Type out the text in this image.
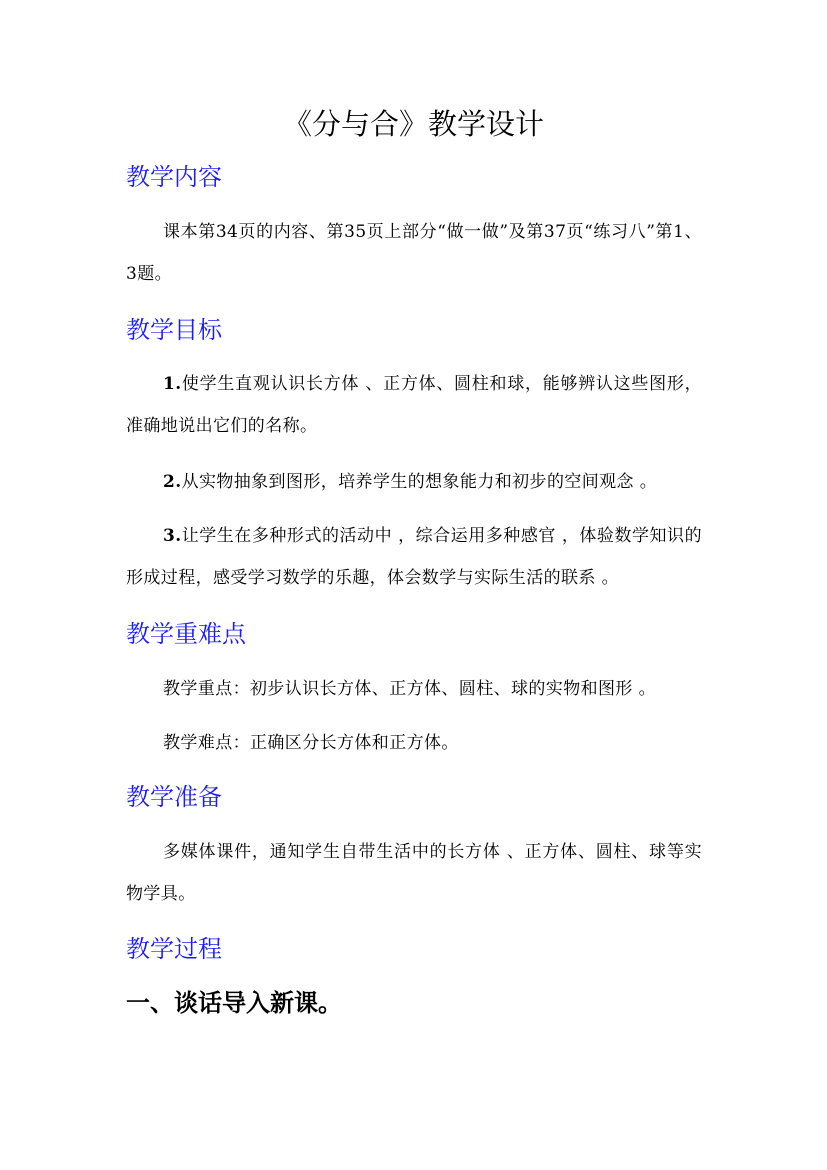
《分与合》教学设计
教学内容

课本第34页的内容、第35页上部分“做一做”及第37页“练习八”第1、3题。

教学目标

1.使学生直观认识长方体 、正方体、圆柱和球，能够辨认这些图形，准确地说出它们的名称。

2.从实物抽象到图形，培养学生的想象能力和初步的空间观念 。

3.让学生在多种形式的活动中 ，综合运用多种感官 ，体验数学知识的形成过程，感受学习数学的乐趣，体会数学与实际生活的联系 。

教学重难点

教学重点：初步认识长方体、正方体、圆柱、球的实物和图形 。

教学难点：正确区分长方体和正方体。

教学准备

多媒体课件，通知学生自带生活中的长方体 、正方体、圆柱、球等实物学具。

教学过程

一、谈话导入新课。
